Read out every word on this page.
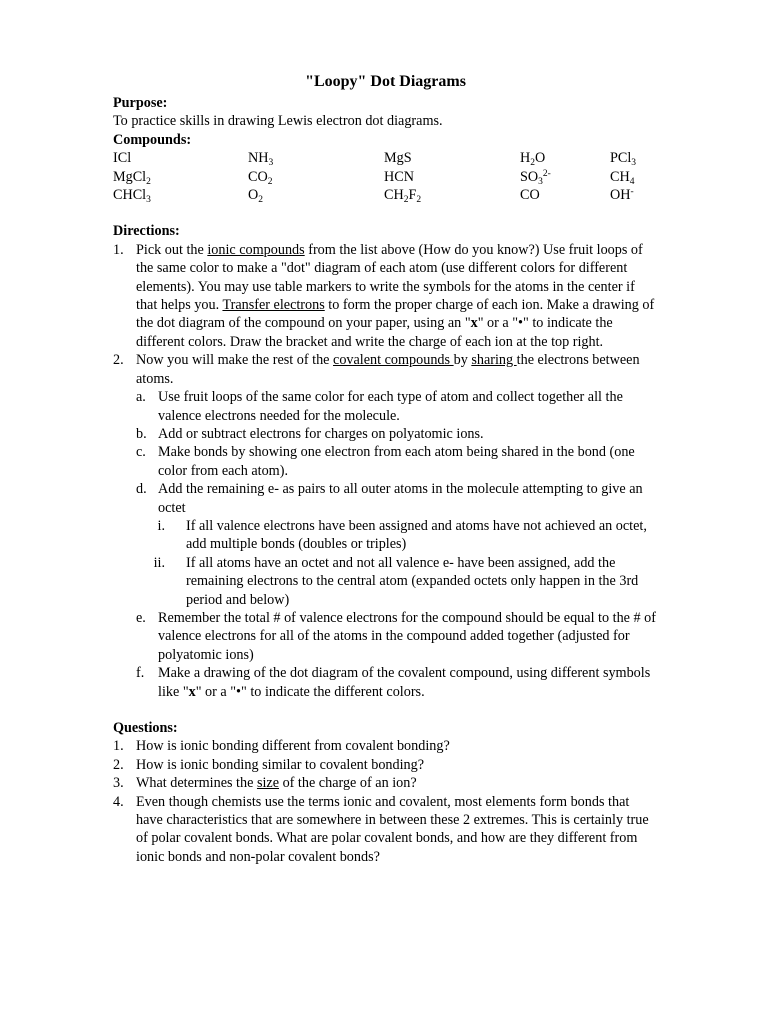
"Loopy" Dot Diagrams
Purpose:
To practice skills in drawing Lewis electron dot diagrams.
Compounds:
ICl	$NH_3$	MgS	$H_2O$	PCl$_3$
MgCl$_2$	$CO_2$	HCN	$SO_3^{2-}$	$CH_4$
CHCl$_3$	$O_2$	$CH_2F_2$	CO	OH-
Directions:
1. Pick out the ionic compounds from the list above (How do you know?) Use fruit loops of the same color to make a "dot" diagram of each atom (use different colors for different elements). You may use table markers to write the symbols for the atoms in the center if that helps you. Transfer electrons to form the proper charge of each ion. Make a drawing of the dot diagram of the compound on your paper, using an "x" or a "•" to indicate the different colors. Draw the bracket and write the charge of each ion at the top right.
2. Now you will make the rest of the covalent compounds by sharing the electrons between atoms.
a. Use fruit loops of the same color for each type of atom and collect together all the valence electrons needed for the molecule.
b. Add or subtract electrons for charges on polyatomic ions.
c. Make bonds by showing one electron from each atom being shared in the bond (one color from each atom).
d. Add the remaining e- as pairs to all outer atoms in the molecule attempting to give an octet
i. If all valence electrons have been assigned and atoms have not achieved an octet, add multiple bonds (doubles or triples)
ii. If all atoms have an octet and not all valence e- have been assigned, add the remaining electrons to the central atom (expanded octets only happen in the 3rd period and below)
e. Remember the total # of valence electrons for the compound should be equal to the # of valence electrons for all of the atoms in the compound added together (adjusted for polyatomic ions)
f. Make a drawing of the dot diagram of the covalent compound, using different symbols like "x" or a "•" to indicate the different colors.
Questions:
1. How is ionic bonding different from covalent bonding?
2. How is ionic bonding similar to covalent bonding?
3. What determines the size of the charge of an ion?
4. Even though chemists use the terms ionic and covalent, most elements form bonds that have characteristics that are somewhere in between these 2 extremes. This is certainly true of polar covalent bonds. What are polar covalent bonds, and how are they different from ionic bonds and non-polar covalent bonds?
